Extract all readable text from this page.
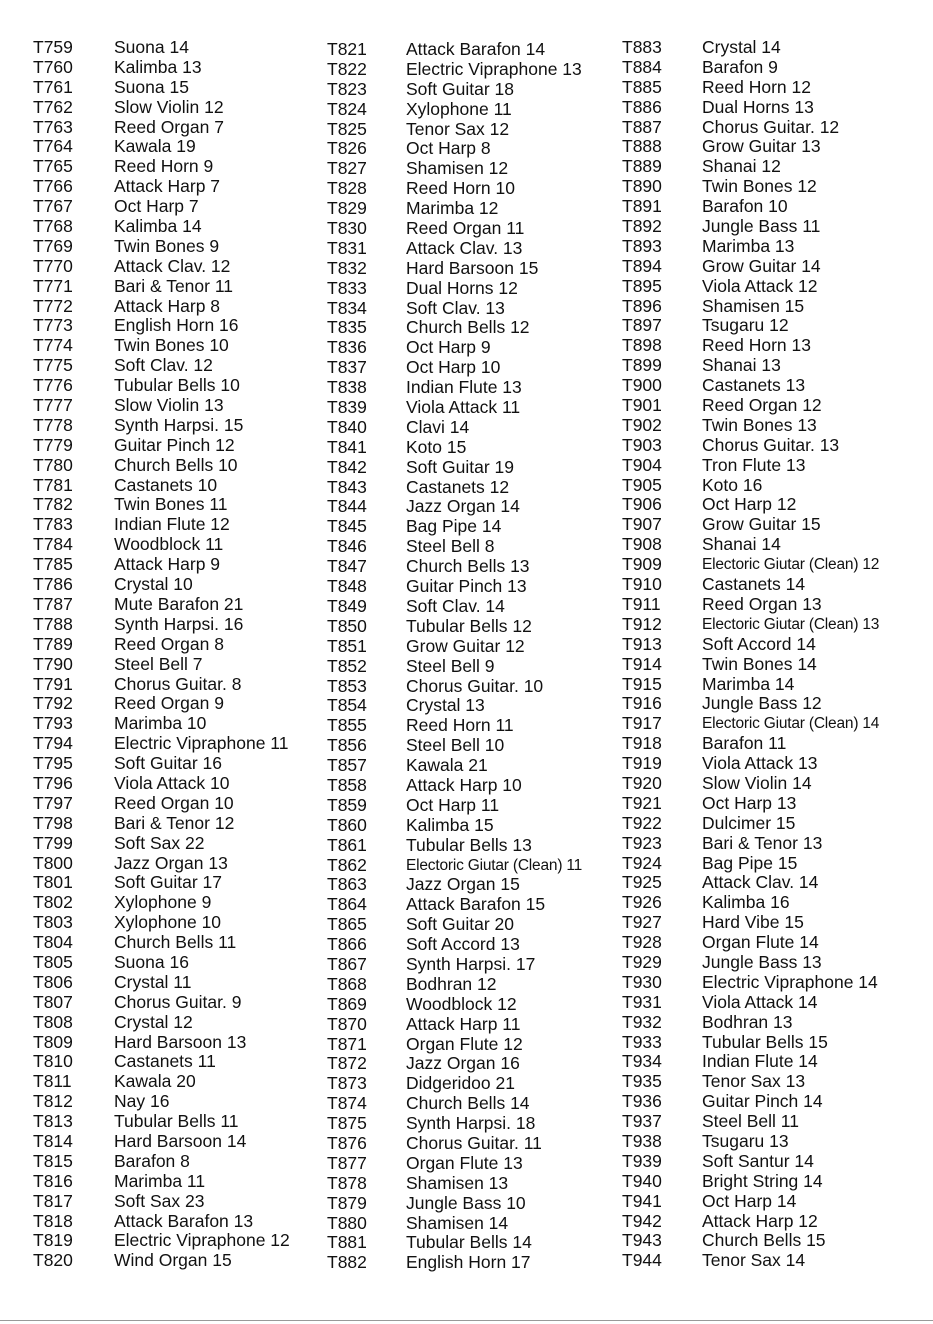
T759 Suona 14
T760 Kalimba 13
T761 Suona 15
T762 Slow Violin 12
T763 Reed Organ 7
T764 Kawala 19
T765 Reed Horn 9
T766 Attack Harp 7
T767 Oct Harp 7
T768 Kalimba 14
T769 Twin Bones 9
T770 Attack Clav. 12
T771 Bari & Tenor 11
T772 Attack Harp 8
T773 English Horn 16
T774 Twin Bones 10
T775 Soft Clav. 12
T776 Tubular Bells 10
T777 Slow Violin 13
T778 Synth Harpsi. 15
T779 Guitar Pinch 12
T780 Church Bells 10
T781 Castanets 10
T782 Twin Bones 11
T783 Indian Flute 12
T784 Woodblock 11
T785 Attack Harp 9
T786 Crystal 10
T787 Mute Barafon 21
T788 Synth Harpsi. 16
T789 Reed Organ 8
T790 Steel Bell 7
T791 Chorus Guitar. 8
T792 Reed Organ 9
T793 Marimba 10
T794 Electric Vipraphone 11
T795 Soft Guitar 16
T796 Viola Attack 10
T797 Reed Organ 10
T798 Bari & Tenor 12
T799 Soft Sax 22
T800 Jazz Organ 13
T801 Soft Guitar 17
T802 Xylophone 9
T803 Xylophone 10
T804 Church Bells 11
T805 Suona 16
T806 Crystal 11
T807 Chorus Guitar. 9
T808 Crystal 12
T809 Hard Barsoon 13
T810 Castanets 11
T811 Kawala 20
T812 Nay 16
T813 Tubular Bells 11
T814 Hard Barsoon 14
T815 Barafon 8
T816 Marimba 11
T817 Soft Sax 23
T818 Attack Barafon 13
T819 Electric Vipraphone 12
T820 Wind Organ 15
T821 Attack Barafon 14
T822 Electric Vipraphone 13
T823 Soft Guitar 18
T824 Xylophone 11
T825 Tenor Sax 12
T826 Oct Harp 8
T827 Shamisen 12
T828 Reed Horn 10
T829 Marimba 12
T830 Reed Organ 11
T831 Attack Clav. 13
T832 Hard Barsoon 15
T833 Dual Horns 12
T834 Soft Clav. 13
T835 Church Bells 12
T836 Oct Harp 9
T837 Oct Harp 10
T838 Indian Flute 13
T839 Viola Attack 11
T840 Clavi 14
T841 Koto 15
T842 Soft Guitar 19
T843 Castanets 12
T844 Jazz Organ 14
T845 Bag Pipe 14
T846 Steel Bell 8
T847 Church Bells 13
T848 Guitar Pinch 13
T849 Soft Clav. 14
T850 Tubular Bells 12
T851 Grow Guitar 12
T852 Steel Bell 9
T853 Chorus Guitar. 10
T854 Crystal 13
T855 Reed Horn 11
T856 Steel Bell 10
T857 Kawala 21
T858 Attack Harp 10
T859 Oct Harp 11
T860 Kalimba 15
T861 Tubular Bells 13
T862	Electoric Giutar (Clean) 11
T863 Jazz Organ 15
T864 Attack Barafon 15
T865 Soft Guitar 20
T866 Soft Accord 13
T867 Synth Harpsi. 17
T868 Bodhran 12
T869 Woodblock 12
T870 Attack Harp 11
T871 Organ Flute 12
T872 Jazz Organ 16
T873 Didgeridoo 21
T874 Church Bells 14
T875 Synth Harpsi. 18
T876 Chorus Guitar. 11
T877 Organ Flute 13
T878 Shamisen 13
T879 Jungle Bass 10
T880 Shamisen 14
T881 Tubular Bells 14
T882 English Horn 17
T883 Crystal 14
T884 Barafon 9
T885 Reed Horn 12
T886 Dual Horns 13
T887 Chorus Guitar. 12
T888 Grow Guitar 13
T889 Shanai 12
T890 Twin Bones 12
T891 Barafon 10
T892 Jungle Bass 11
T893 Marimba 13
T894 Grow Guitar 14
T895 Viola Attack 12
T896 Shamisen 15
T897 Tsugaru 12
T898 Reed Horn 13
T899 Shanai 13
T900 Castanets 13
T901 Reed Organ 12
T902 Twin Bones 13
T903 Chorus Guitar. 13
T904 Tron Flute 13
T905 Koto 16
T906 Oct Harp 12
T907 Grow Guitar 15
T908 Shanai 14
T909	Electoric Giutar (Clean) 12
T910 Castanets 14
T911 Reed Organ 13
T912	Electoric Giutar (Clean) 13
T913 Soft Accord 14
T914 Twin Bones 14
T915 Marimba 14
T916 Jungle Bass 12
T917	Electoric Giutar (Clean) 14
T918 Barafon 11
T919 Viola Attack 13
T920 Slow Violin 14
T921 Oct Harp 13
T922 Dulcimer 15
T923 Bari & Tenor 13
T924 Bag Pipe 15
T925 Attack Clav. 14
T926 Kalimba 16
T927 Hard Vibe 15
T928 Organ Flute 14
T929 Jungle Bass 13
T930 Electric Vipraphone 14
T931 Viola Attack 14
T932 Bodhran 13
T933 Tubular Bells 15
T934 Indian Flute 14
T935 Tenor Sax 13
T936 Guitar Pinch 14
T937 Steel Bell 11
T938 Tsugaru 13
T939 Soft Santur 14
T940 Bright String 14
T941 Oct Harp 14
T942 Attack Harp 12
T943 Church Bells 15
T944 Tenor Sax 14
